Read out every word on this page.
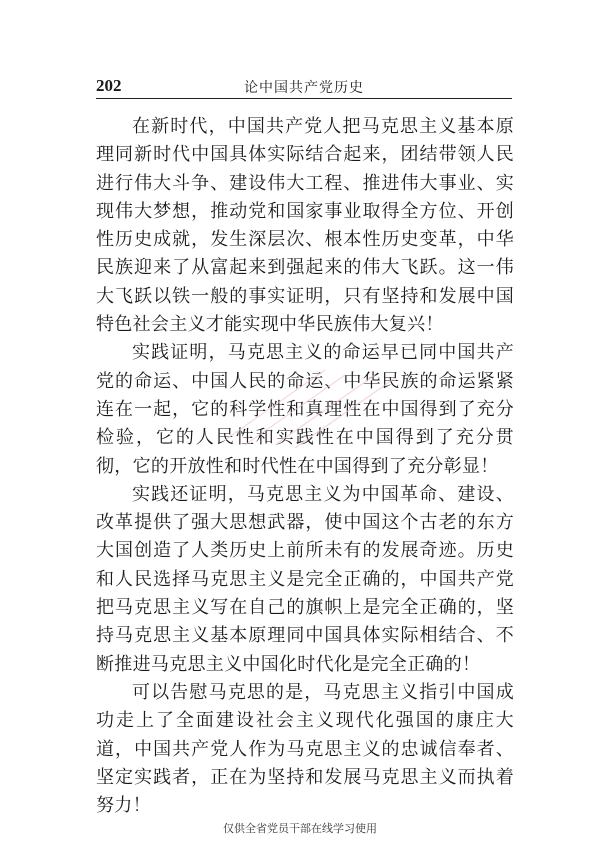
202	论中国共产党历史

在新时代，中国共产党人把马克思主义基本原理同新时代中国具体实际结合起来，团结带领人民进行伟大斗争、建设伟大工程、推进伟大事业、实现伟大梦想，推动党和国家事业取得全方位、开创性历史成就，发生深层次、根本性历史变革，中华民族迎来了从富起来到强起来的伟大飞跃。这一伟大飞跃以铁一般的事实证明，只有坚持和发展中国特色社会主义才能实现中华民族伟大复兴！

实践证明，马克思主义的命运早已同中国共产党的命运、中国人民的命运、中华民族的命运紧紧连在一起，它的科学性和真理性在中国得到了充分检验，它的人民性和实践性在中国得到了充分贯彻，它的开放性和时代性在中国得到了充分彰显！

实践还证明，马克思主义为中国革命、建设、改革提供了强大思想武器，使中国这个古老的东方大国创造了人类历史上前所未有的发展奇迹。历史和人民选择马克思主义是完全正确的，中国共产党把马克思主义写在自己的旗帜上是完全正确的，坚持马克思主义基本原理同中国具体实际相结合、不断推进马克思主义中国化时代化是完全正确的！

可以告慰马克思的是，马克思主义指引中国成功走上了全面建设社会主义现代化强国的康庄大道，中国共产党人作为马克思主义的忠诚信奉者、坚定实践者，正在为坚持和发展马克思主义而执着努力！

仅供全省党员干部在线学习使用
